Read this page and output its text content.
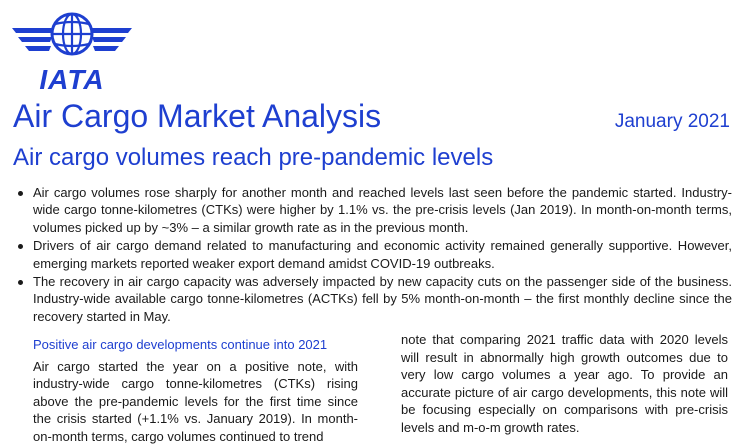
IATA
Air Cargo Market Analysis	January 2021
Air cargo volumes reach pre-pandemic levels
Air cargo volumes rose sharply for another month and reached levels last seen before the pandemic started. Industry-wide cargo tonne-kilometres (CTKs) were higher by 1.1% vs. the pre-crisis levels (Jan 2019). In month-on-month terms, volumes picked up by ~3% – a similar growth rate as in the previous month.
Drivers of air cargo demand related to manufacturing and economic activity remained generally supportive. However, emerging markets reported weaker export demand amidst COVID-19 outbreaks.
The recovery in air cargo capacity was adversely impacted by new capacity cuts on the passenger side of the business. Industry-wide available cargo tonne-kilometres (ACTKs) fell by 5% month-on-month – the first monthly decline since the recovery started in May.
Positive air cargo developments continue into 2021
Air cargo started the year on a positive note, with industry-wide cargo tonne-kilometres (CTKs) rising above the pre-pandemic levels for the first time since the crisis started (+1.1% vs. January 2019). In month-on-month terms, cargo volumes continued to trend
note that comparing 2021 traffic data with 2020 levels will result in abnormally high growth outcomes due to very low cargo volumes a year ago. To provide an accurate picture of air cargo developments, this note will be focusing especially on comparisons with pre-crisis levels and m-o-m growth rates.
